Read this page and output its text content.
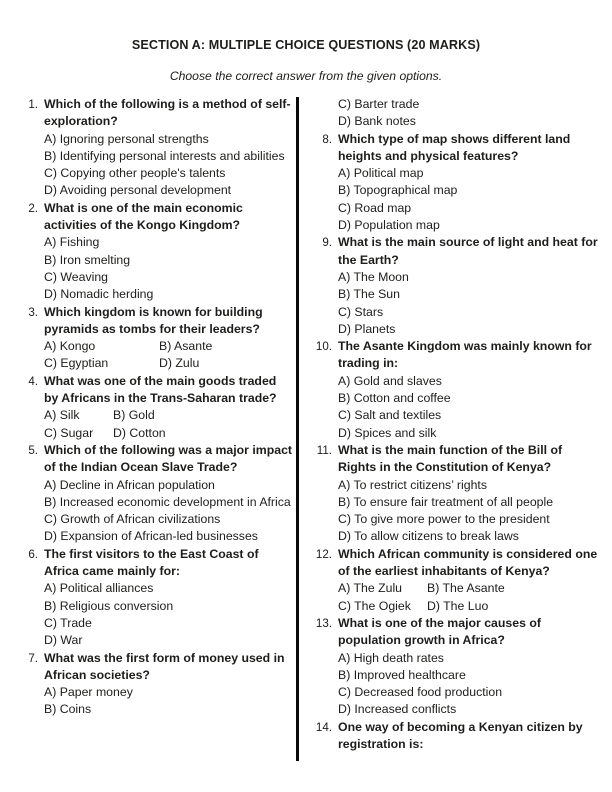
SECTION A: MULTIPLE CHOICE QUESTIONS (20 MARKS)
Choose the correct answer from the given options.
1. Which of the following is a method of self-exploration?
A) Ignoring personal strengths
B) Identifying personal interests and abilities
C) Copying other people's talents
D) Avoiding personal development
2. What is one of the main economic activities of the Kongo Kingdom?
A) Fishing
B) Iron smelting
C) Weaving
D) Nomadic herding
3. Which kingdom is known for building pyramids as tombs for their leaders?
A) Kongo	B) Asante
C) Egyptian	D) Zulu
4. What was one of the main goods traded by Africans in the Trans-Saharan trade?
A) Silk	B) Gold
C) Sugar	D) Cotton
5. Which of the following was a major impact of the Indian Ocean Slave Trade?
A) Decline in African population
B) Increased economic development in Africa
C) Growth of African civilizations
D) Expansion of African-led businesses
6. The first visitors to the East Coast of Africa came mainly for:
A) Political alliances
B) Religious conversion
C) Trade
D) War
7. What was the first form of money used in African societies?
A) Paper money
B) Coins
C) Barter trade
D) Bank notes
8. Which type of map shows different land heights and physical features?
A) Political map
B) Topographical map
C) Road map
D) Population map
9. What is the main source of light and heat for the Earth?
A) The Moon
B) The Sun
C) Stars
D) Planets
10. The Asante Kingdom was mainly known for trading in:
A) Gold and slaves
B) Cotton and coffee
C) Salt and textiles
D) Spices and silk
11. What is the main function of the Bill of Rights in the Constitution of Kenya?
A) To restrict citizens’ rights
B) To ensure fair treatment of all people
C) To give more power to the president
D) To allow citizens to break laws
12. Which African community is considered one of the earliest inhabitants of Kenya?
A) The Zulu	B) The Asante
C) The Ogiek	D) The Luo
13. What is one of the major causes of population growth in Africa?
A) High death rates
B) Improved healthcare
C) Decreased food production
D) Increased conflicts
14. One way of becoming a Kenyan citizen by registration is:
